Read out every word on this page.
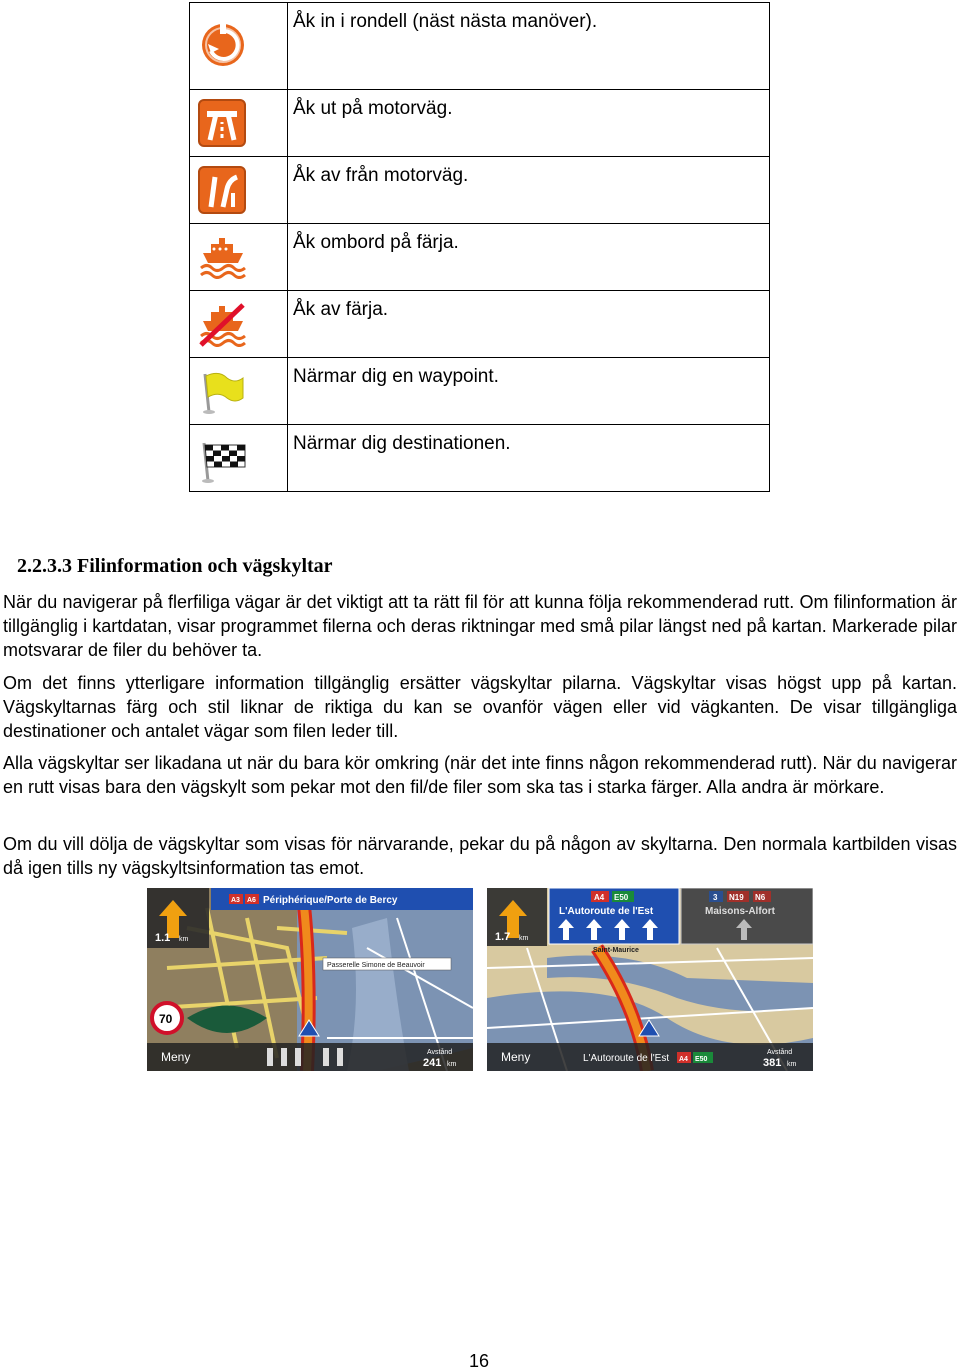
	Åk in i rondell (näst nästa manöver).

	Åk ut på motorväg.

	Åk av från motorväg.

	Åk ombord på färja.

	Åk av färja.

	Närmar dig en waypoint.

	Närmar dig destinationen.
2.2.3.3 Filinformation och vägskyltar

När du navigerar på flerfiliga vägar är det viktigt att ta rätt fil för att kunna följa rekommenderad rutt. Om filinformation är tillgänglig i kartdatan, visar programmet filerna och deras riktningar med små pilar längst ned på kartan. Markerade pilar motsvarar de filer du behöver ta.

Om det finns ytterligare information tillgänglig ersätter vägskyltar pilarna. Vägskyltar visas högst upp på kartan. Vägskyltarnas färg och stil liknar de riktiga du kan se ovanför vägen eller vid vägkanten. De visar tillgängliga destinationer och antalet vägar som filen leder till.

Alla vägskyltar ser likadana ut när du bara kör omkring (när det inte finns någon rekommenderad rutt). När du navigerar en rutt visas bara den vägskylt som pekar mot den fil/de filer som ska tas i starka färger. Alla andra är mörkare.

Om du vill dölja de vägskyltar som visas för närvarande, pekar du på någon av skyltarna. Den normala kartbilden visas då igen tills ny vägskyltsinformation tas emot.

1.1 km
A3 A6 Périphérique/Porte de Bercy
Passerelle Simone de Beauvoir
70
Meny	Avstånd
241 km
1.7 km
A4 E50
L'Autoroute de l'Est
3 N19 N6
Maisons-Alfort
Saint-Maurice
Meny	L'Autoroute de l'Est A4 E50
Avstånd
381 km
16
